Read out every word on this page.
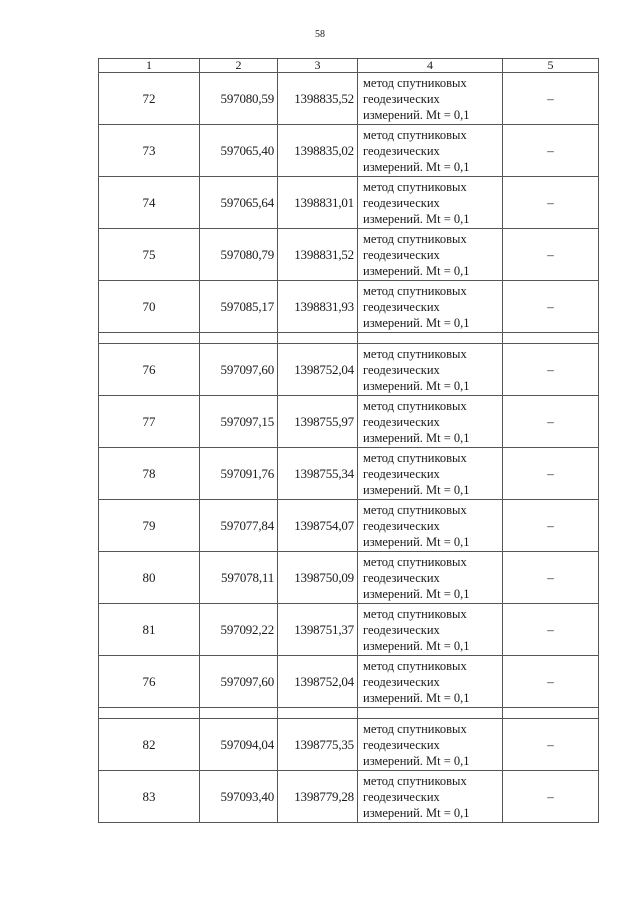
58
1	2	3	4	5
72	597080,59	1398835,52	метод спутниковых
геодезических
измерений. Mt = 0,1	–
73	597065,40	1398835,02	метод спутниковых
геодезических
измерений. Mt = 0,1	–
74	597065,64	1398831,01	метод спутниковых
геодезических
измерений. Mt = 0,1	–
75	597080,79	1398831,52	метод спутниковых
геодезических
измерений. Mt = 0,1	–
70	597085,17	1398831,93	метод спутниковых
геодезических
измерений. Mt = 0,1	–

76	597097,60	1398752,04	метод спутниковых
геодезических
измерений. Mt = 0,1	–
77	597097,15	1398755,97	метод спутниковых
геодезических
измерений. Mt = 0,1	–
78	597091,76	1398755,34	метод спутниковых
геодезических
измерений. Mt = 0,1	–
79	597077,84	1398754,07	метод спутниковых
геодезических
измерений. Mt = 0,1	–
80	597078,11	1398750,09	метод спутниковых
геодезических
измерений. Mt = 0,1	–
81	597092,22	1398751,37	метод спутниковых
геодезических
измерений. Mt = 0,1	–
76	597097,60	1398752,04	метод спутниковых
геодезических
измерений. Mt = 0,1	–

82	597094,04	1398775,35	метод спутниковых
геодезических
измерений. Mt = 0,1	–
83	597093,40	1398779,28	метод спутниковых
геодезических
измерений. Mt = 0,1	–
